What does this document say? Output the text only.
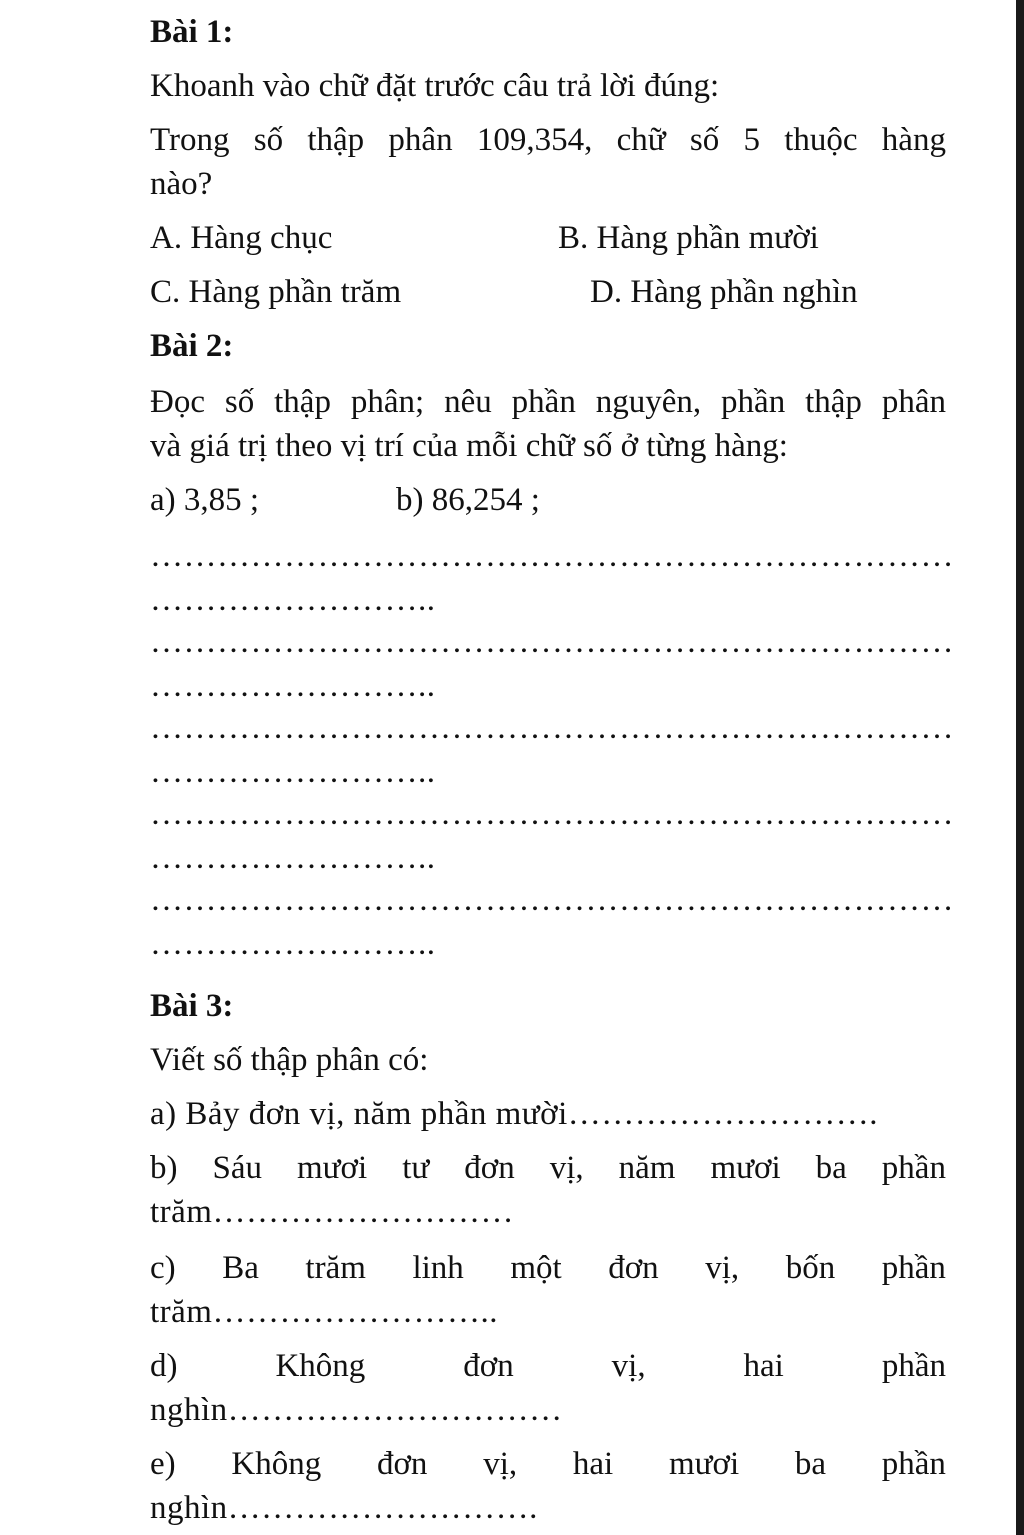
Bài 1:
Khoanh vào chữ đặt trước câu trả lời đúng:
Trong số thập phân 109,354, chữ số 5 thuộc hàng
nào?
A. Hàng chục	B. Hàng phần mười
C. Hàng phần trăm	D. Hàng phần nghìn
Bài 2:
Đọc số thập phân; nêu phần nguyên, phần thập phân
và giá trị theo vị trí của mỗi chữ số ở từng hàng:
a) 3,85 ;	b) 86,254 ;
………………………………………………………………
……………………..
………………………………………………………………
……………………..
………………………………………………………………
……………………..
………………………………………………………………
……………………..
………………………………………………………………
……………………..
Bài 3:
Viết số thập phân có:
a) Bảy đơn vị, năm phần mười……………………….
b) Sáu mươi tư đơn vị, năm mươi ba phần
trăm………………………
c) Ba trăm linh một đơn vị, bốn phần
trăm……………………..
d)	Không	đơn	vị,	hai	phần
nghìn…………………………
e) Không đơn vị, hai mươi ba phần
nghìn……………………….
